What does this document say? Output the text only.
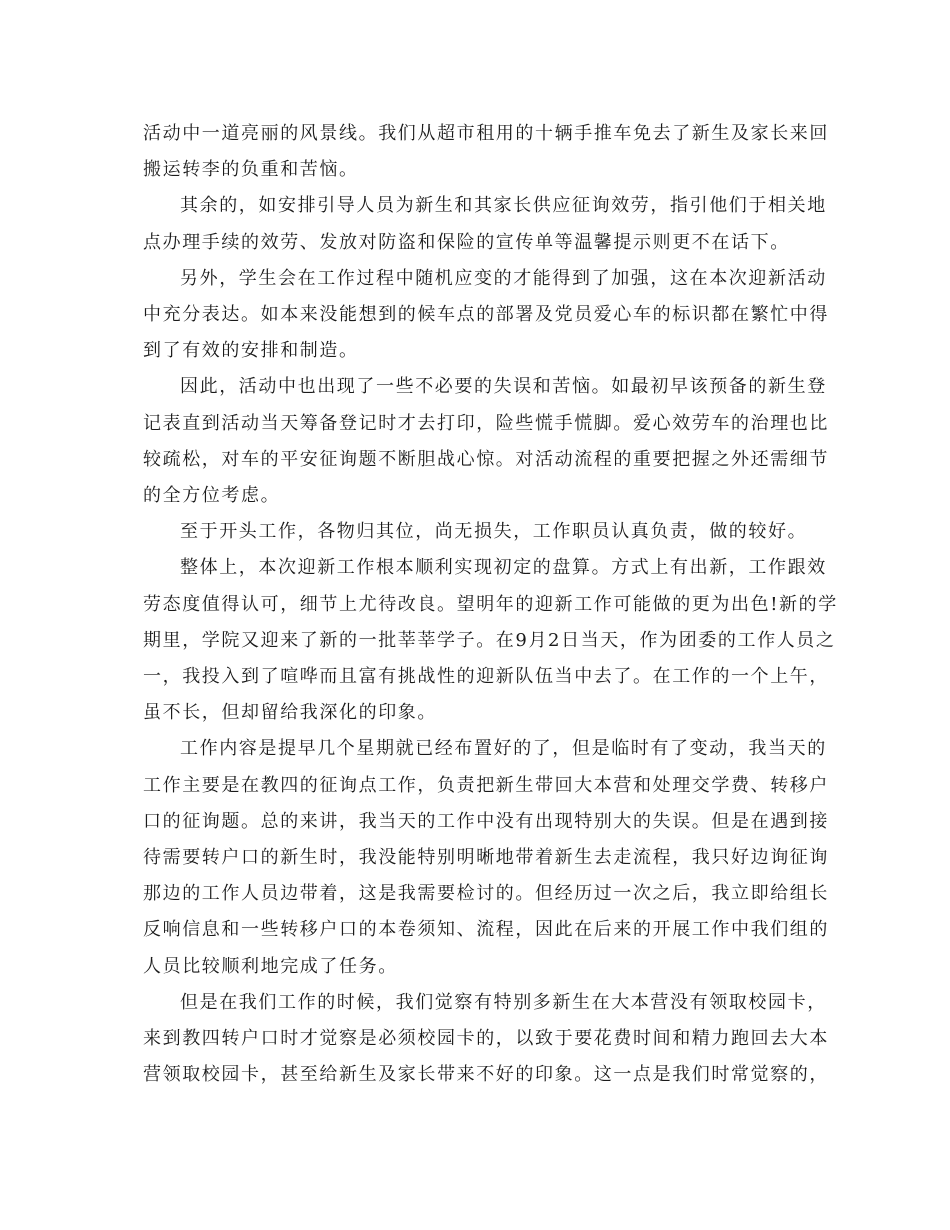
活动中一道亮丽的风景线。我们从超市租用的十辆手推车免去了新生及家长来回
搬运转李的负重和苦恼。
其余的，如安排引导人员为新生和其家长供应征询效劳，指引他们于相关地
点办理手续的效劳、发放对防盗和保险的宣传单等温馨提示则更不在话下。
另外，学生会在工作过程中随机应变的才能得到了加强，这在本次迎新活动
中充分表达。如本来没能想到的候车点的部署及党员爱心车的标识都在繁忙中得
到了有效的安排和制造。
因此，活动中也出现了一些不必要的失误和苦恼。如最初早该预备的新生登
记表直到活动当天筹备登记时才去打印，险些慌手慌脚。爱心效劳车的治理也比
较疏松，对车的平安征询题不断胆战心惊。对活动流程的重要把握之外还需细节
的全方位考虑。
至于开头工作，各物归其位，尚无损失，工作职员认真负责，做的较好。
整体上，本次迎新工作根本顺利实现初定的盘算。方式上有出新，工作跟效
劳态度值得认可，细节上尤待改良。望明年的迎新工作可能做的更为出色!新的学
期里，学院又迎来了新的一批莘莘学子。在9月2日当天，作为团委的工作人员之
一，我投入到了喧哗而且富有挑战性的迎新队伍当中去了。在工作的一个上午，
虽不长，但却留给我深化的印象。
工作内容是提早几个星期就已经布置好的了，但是临时有了变动，我当天的
工作主要是在教四的征询点工作，负责把新生带回大本营和处理交学费、转移户
口的征询题。总的来讲，我当天的工作中没有出现特别大的失误。但是在遇到接
待需要转户口的新生时，我没能特别明晰地带着新生去走流程，我只好边询征询
那边的工作人员边带着，这是我需要检讨的。但经历过一次之后，我立即给组长
反响信息和一些转移户口的本卷须知、流程，因此在后来的开展工作中我们组的
人员比较顺利地完成了任务。
但是在我们工作的时候，我们觉察有特别多新生在大本营没有领取校园卡，
来到教四转户口时才觉察是必须校园卡的，以致于要花费时间和精力跑回去大本
营领取校园卡，甚至给新生及家长带来不好的印象。这一点是我们时常觉察的，
